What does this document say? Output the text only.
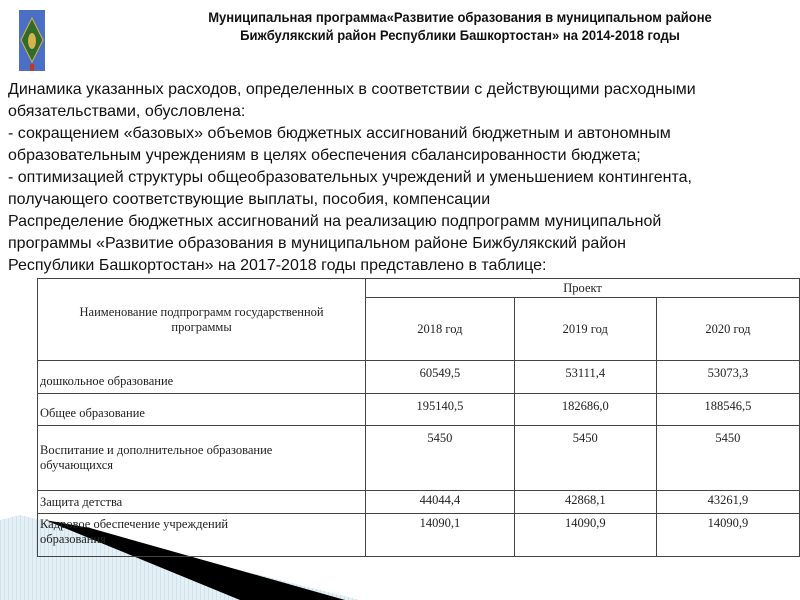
Муниципальная программа«Развитие образования в муниципальном районе
Бижбулякский район Республики Башкортостан» на 2014-2018 годы
Динамика указанных расходов, определенных в соответствии с действующими расходными
обязательствами, обусловлена:
- сокращением «базовых» объемов бюджетных ассигнований бюджетным и автономным
образовательным учреждениям в целях обеспечения сбалансированности бюджета;
- оптимизацией структуры общеобразовательных учреждений и уменьшением контингента,
получающего соответствующие выплаты, пособия, компенсации
Распределение бюджетных ассигнований на реализацию подпрограмм муниципальной
программы «Развитие образования в муниципальном районе Бижбулякский район
Республики Башкортостан» на 2017-2018 годы представлено в таблице:
Наименование подпрограмм государственной программы	Проект		
	2018 год	2019 год	2020 год
дошкольное образование	60549,5	53111,4	53073,3
Общее образование	195140,5	182686,0	188546,5
Воспитание и дополнительное образование обучающихся	5450	5450	5450
Защита детства	44044,4	42868,1	43261,9
Кадровое обеспечение учреждений образования	14090,1	14090,9	14090,9
